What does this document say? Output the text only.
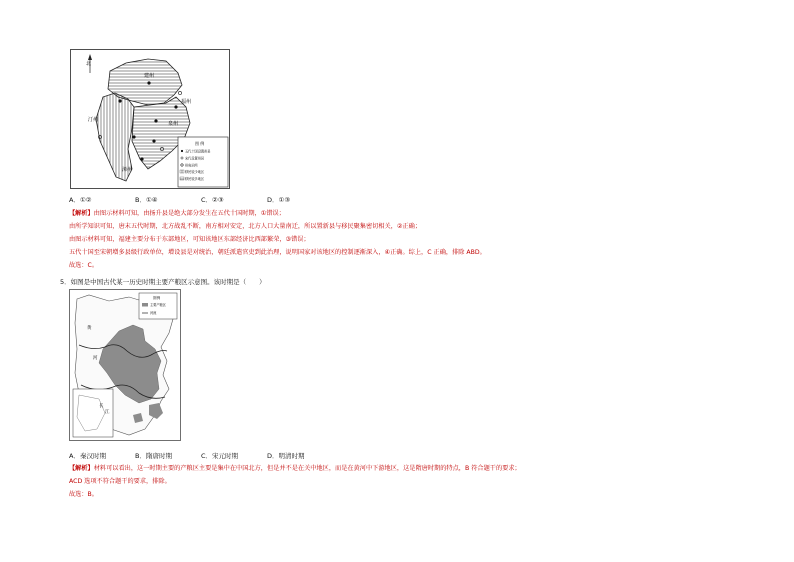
北
建州
福州
泉州
汀州
漳州
图 例
五代十国设置州县
宋代设置州县
州府治所
移民较少地区
移民较多地区
A．①②	B．①④	C．②③	D．①③
【解析】由图示材料可知，由扬升县是绝大部分发生在五代十国时期，①错误；
由所学知识可知，唐末五代时期，北方战乱不断，南方相对安定，北方人口大量南迁，所以置新县与移民聚集密切相关，②正确；
由图示材料可知，福建主要分布于东部地区，可知该地区东部经济比西部繁荣，③错误；
五代十国至宋朝增多县级行政单位，增设县是对统治，朝廷派遣官吏到此治理，说明国家对该地区的控制逐渐深入，④正确。综上，C 正确，排除 ABD。
故选：C。
5．如图是中国古代某一历史时期主要产粮区示意图。该时期是（　　）
图例
主要产粮区
河流
黄
河
长
江
A．秦汉时期	B．隋唐时期	C．宋元时期	D．明清时期
【解析】材料可以看出，这一时期主要的产粮区主要是集中在中国北方，但是并不是在关中地区，而是在黄河中下游地区，这是隋唐时期的特点，B 符合题干的要求；
ACD 选项不符合题干的要求，排除。
故选：B。
